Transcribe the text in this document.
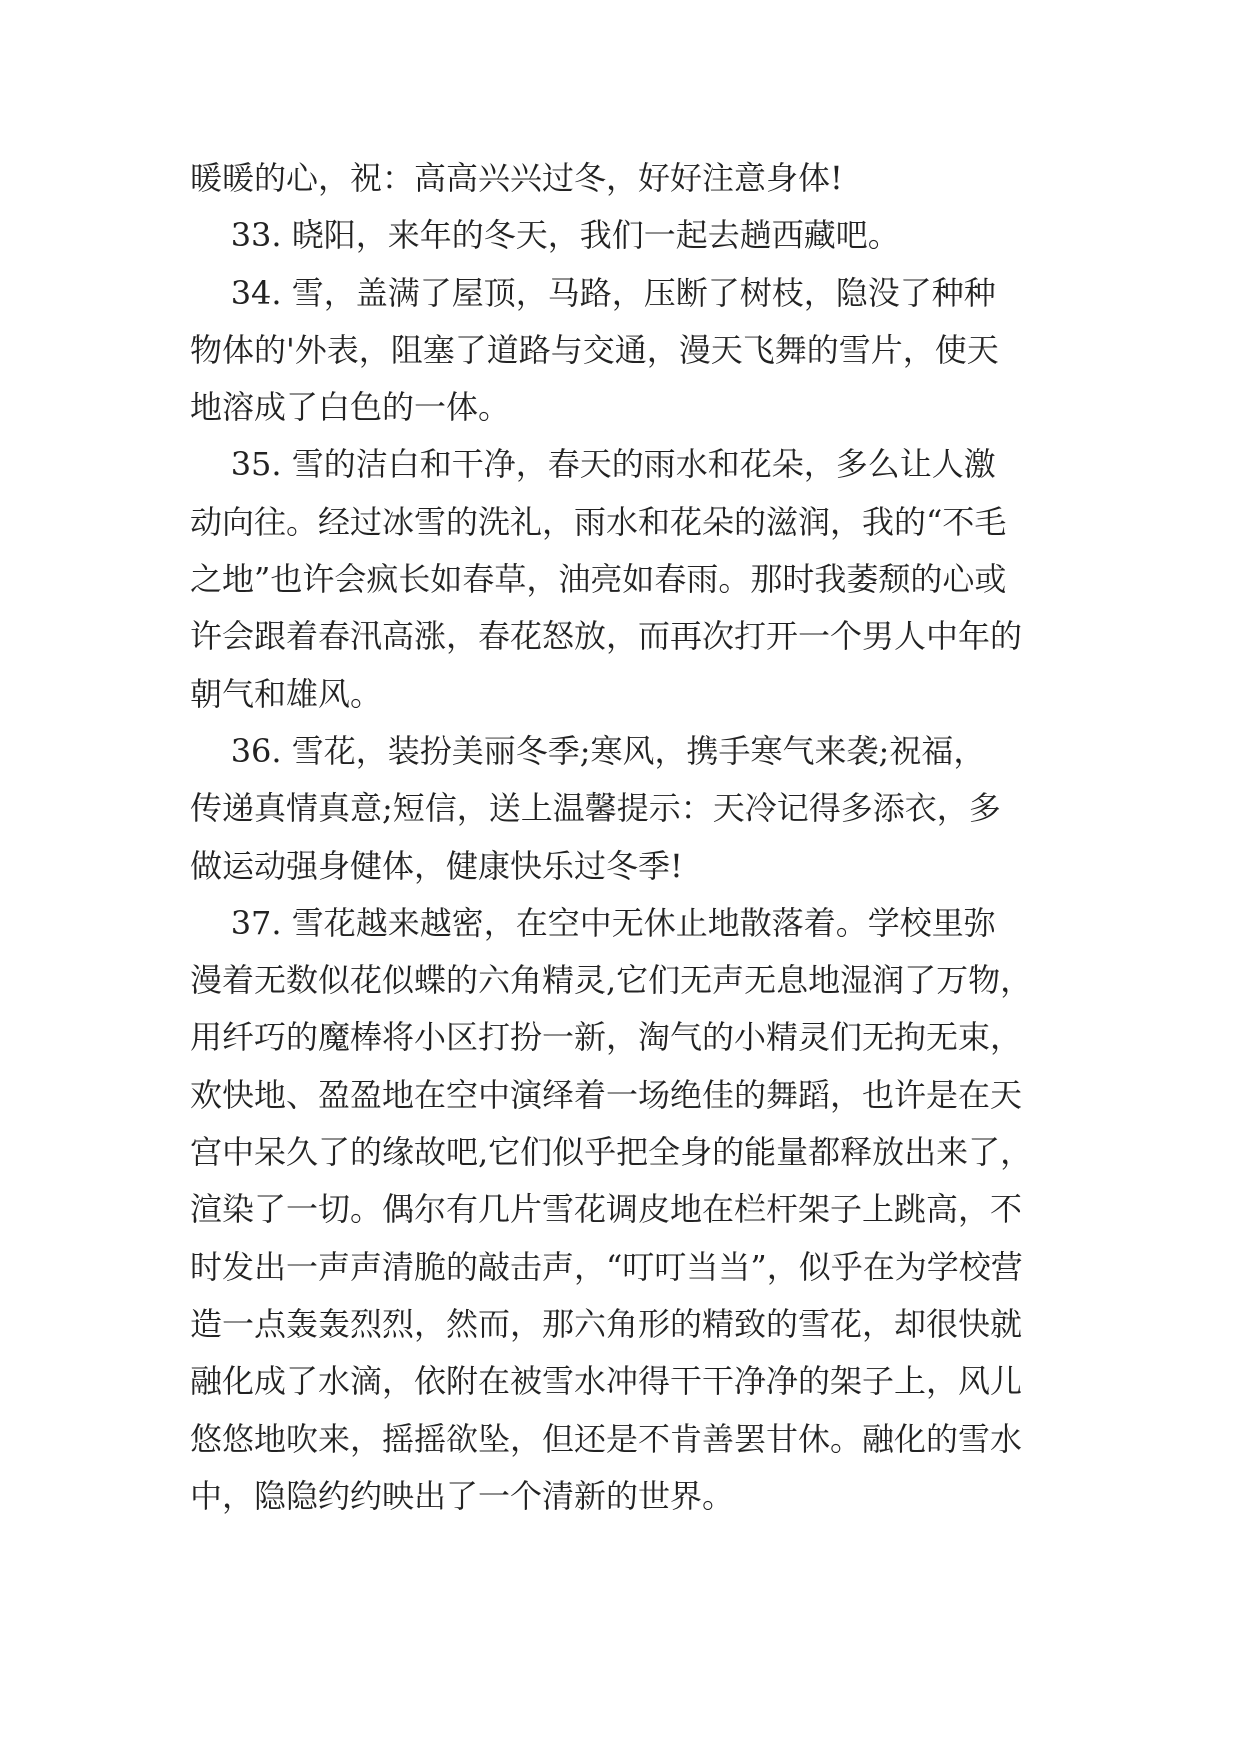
暖暖的心，祝：高高兴兴过冬，好好注意身体!
33. 晓阳，来年的冬天，我们一起去趟西藏吧。
34. 雪，盖满了屋顶，马路，压断了树枝，隐没了种种
物体的'外表，阻塞了道路与交通，漫天飞舞的雪片，使天
地溶成了白色的一体。
35. 雪的洁白和干净，春天的雨水和花朵，多么让人激
动向往。经过冰雪的洗礼，雨水和花朵的滋润，我的“不毛
之地”也许会疯长如春草，油亮如春雨。那时我萎颓的心或
许会跟着春汛高涨，春花怒放，而再次打开一个男人中年的
朝气和雄风。
36. 雪花，装扮美丽冬季;寒风，携手寒气来袭;祝福，
传递真情真意;短信，送上温馨提示：天冷记得多添衣，多
做运动强身健体，健康快乐过冬季!
37. 雪花越来越密，在空中无休止地散落着。学校里弥
漫着无数似花似蝶的六角精灵,它们无声无息地湿润了万物，
用纤巧的魔棒将小区打扮一新，淘气的小精灵们无拘无束，
欢快地、盈盈地在空中演绎着一场绝佳的舞蹈，也许是在天
宫中呆久了的缘故吧,它们似乎把全身的能量都释放出来了，
渲染了一切。偶尔有几片雪花调皮地在栏杆架子上跳高，不
时发出一声声清脆的敲击声，“叮叮当当”，似乎在为学校营
造一点轰轰烈烈，然而，那六角形的精致的雪花，却很快就
融化成了水滴，依附在被雪水冲得干干净净的架子上，风儿
悠悠地吹来，摇摇欲坠，但还是不肯善罢甘休。融化的雪水
中，隐隐约约映出了一个清新的世界。
